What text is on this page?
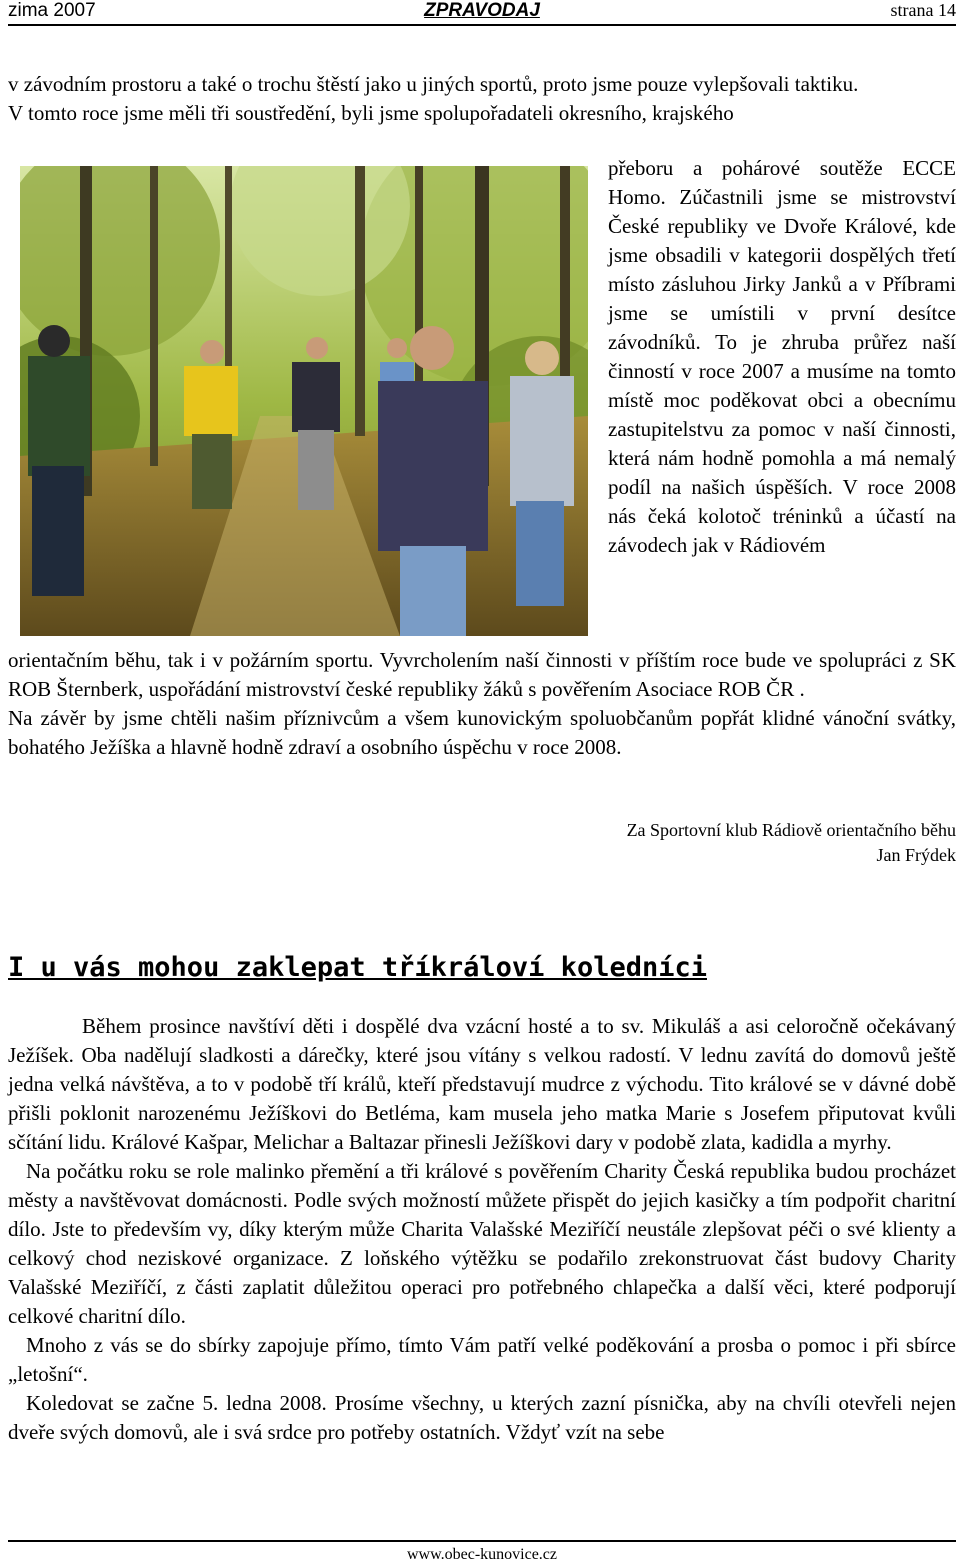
zima 2007	ZPRAVODAJ	strana 14

v závodním prostoru a také o trochu štěstí jako u jiných sportů, proto jsme pouze vylepšovali taktiku.

V tomto roce jsme měli tři soustředění, byli jsme spolupořadateli okresního, krajského

přeboru a pohárové soutěže ECCE Homo. Zúčastnili jsme se mistrovství České republiky ve Dvoře Králové, kde jsme obsadili v kategorii dospělých třetí místo zásluhou Jirky Janků a v Příbrami jsme se umístili v první desítce závodníků. To je zhruba průřez naší činností v roce 2007 a musíme na tomto místě moc poděkovat obci a obecnímu zastupitelstvu za pomoc v naší činnosti, která nám hodně pomohla a má nemalý podíl na našich úspěších. V roce 2008 nás čeká kolotoč tréninků a účastí na závodech jak v Rádiovém

orientačním běhu, tak i v požárním sportu. Vyvrcholením naší činnosti v příštím roce bude ve spolupráci z SK ROB Šternberk, uspořádání mistrovství české republiky žáků s pověřením Asociace ROB ČR .

Na závěr by jsme chtěli našim příznivcům a všem kunovickým spoluobčanům popřát klidné vánoční svátky, bohatého Ježíška a hlavně hodně zdraví a osobního úspěchu v roce 2008.

Za Sportovní klub Rádiově orientačního běhu
Jan Frýdek
I u vás mohou zaklepat tříkráloví koledníci

Během prosince navštíví děti i dospělé dva vzácní hosté a to sv. Mikuláš a asi celoročně očekávaný Ježíšek. Oba nadělují sladkosti a dárečky, které jsou vítány s velkou radostí. V lednu zavítá do domovů ještě jedna velká návštěva, a to v podobě tří králů, kteří představují mudrce z východu. Tito králové se v dávné době přišli poklonit narozenému Ježíškovi do Betléma, kam musela jeho matka Marie s Josefem připutovat kvůli sčítání lidu. Králové Kašpar, Melichar a Baltazar přinesli Ježíškovi dary v podobě zlata, kadidla a myrhy.

Na počátku roku se role malinko přemění a tři králové s pověřením Charity Česká republika budou procházet městy a navštěvovat domácnosti. Podle svých možností můžete přispět do jejich kasičky a tím podpořit charitní dílo. Jste to především vy, díky kterým může Charita Valašské Meziříčí neustále zlepšovat péči o své klienty a celkový chod neziskové organizace. Z loňského výtěžku se podařilo zrekonstruovat část budovy Charity Valašské Meziříčí, z části zaplatit důležitou operaci pro potřebného chlapečka a další věci, které podporují celkové charitní dílo.

Mnoho z vás se do sbírky zapojuje přímo, tímto Vám patří velké poděkování a prosba o pomoc i při sbírce „letošní“.

Koledovat se začne 5. ledna 2008. Prosíme všechny, u kterých zazní písnička, aby na chvíli otevřeli nejen dveře svých domovů, ale i svá srdce pro potřeby ostatních. Vždyť vzít na sebe

www.obec-kunovice.cz
